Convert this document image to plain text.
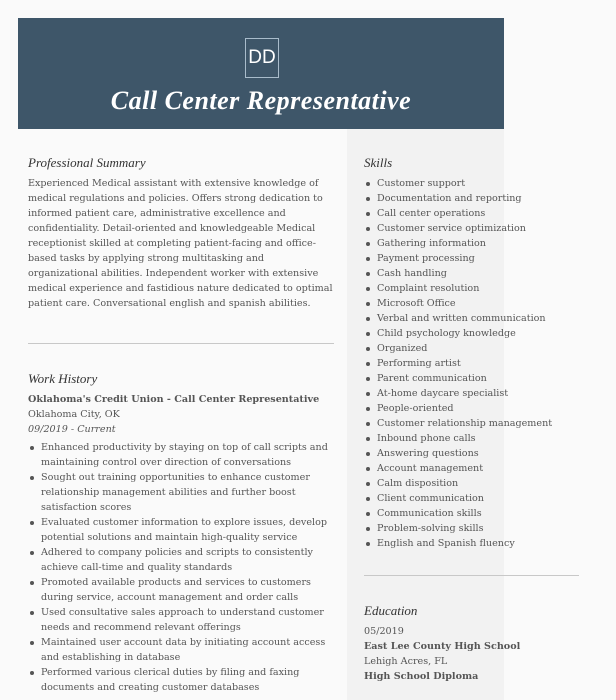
DD
Call Center Representative
Professional Summary
Experienced Medical assistant with extensive knowledge of medical regulations and policies. Offers strong dedication to informed patient care, administrative excellence and confidentiality. Detail-oriented and knowledgeable Medical receptionist skilled at completing patient-facing and office-based tasks by applying strong multitasking and organizational abilities. Independent worker with extensive medical experience and fastidious nature dedicated to optimal patient care. Conversational english and spanish abilities.
Work History
Oklahoma's Credit Union - Call Center Representative
Oklahoma City, OK
09/2019 - Current
Enhanced productivity by staying on top of call scripts and maintaining control over direction of conversations
Sought out training opportunities to enhance customer relationship management abilities and further boost satisfaction scores
Evaluated customer information to explore issues, develop potential solutions and maintain high-quality service
Adhered to company policies and scripts to consistently achieve call-time and quality standards
Promoted available products and services to customers during service, account management and order calls
Used consultative sales approach to understand customer needs and recommend relevant offerings
Maintained user account data by initiating account access and establishing in database
Performed various clerical duties by filing and faxing documents and creating customer databases
Skills
Customer support
Documentation and reporting
Call center operations
Customer service optimization
Gathering information
Payment processing
Cash handling
Complaint resolution
Microsoft Office
Verbal and written communication
Child psychology knowledge
Organized
Performing artist
Parent communication
At-home daycare specialist
People-oriented
Customer relationship management
Inbound phone calls
Answering questions
Account management
Calm disposition
Client communication
Communication skills
Problem-solving skills
English and Spanish fluency
Education
05/2019
East Lee County High School
Lehigh Acres, FL
High School Diploma
